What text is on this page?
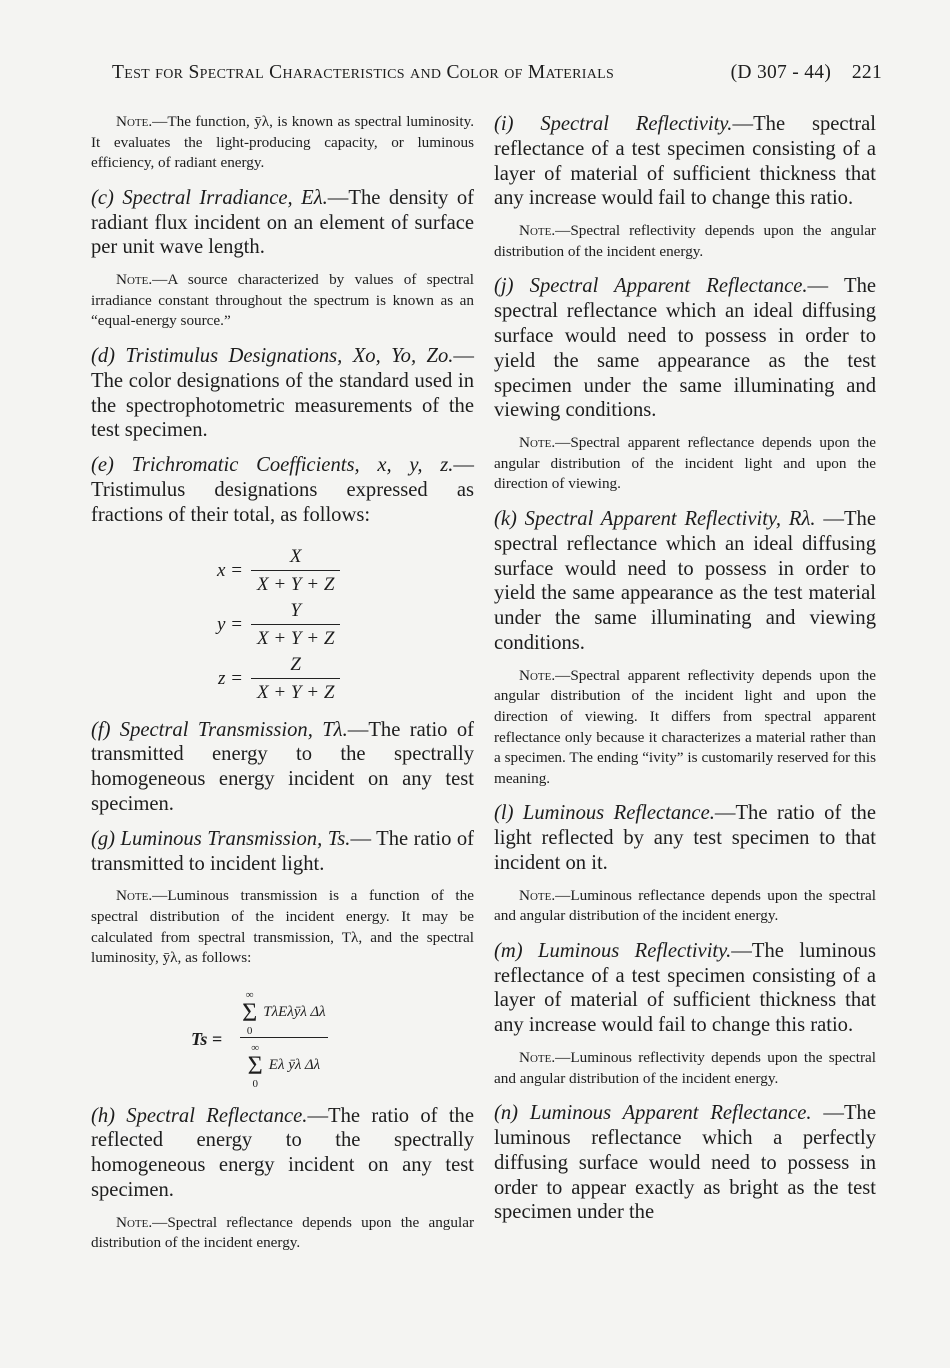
Test for Spectral Characteristics and Color of Materials	(D 307 - 44) 221

Note.—The function, ȳλ, is known as spectral luminosity. It evaluates the light-producing capacity, or luminous efficiency, of radiant energy.

(c) Spectral Irradiance, Eλ.—The density of radiant flux incident on an element of surface per unit wave length.

Note.—A source characterized by values of spectral irradiance constant throughout the spectrum is known as an “equal-energy source.”

(d) Tristimulus Designations, Xo, Yo, Zo.—The color designations of the standard used in the spectrophotometric measurements of the test specimen.

(e) Trichromatic Coefficients, x, y, z.— Tristimulus designations expressed as fractions of their total, as follows:

$x = \frac{X}{X + Y + Z}$
$y = \frac{Y}{X + Y + Z}$
$z = \frac{Z}{X + Y + Z}$

(f) Spectral Transmission, Tλ.—The ratio of transmitted energy to the spectrally homogeneous energy incident on any test specimen.

(g) Luminous Transmission, Ts.— The ratio of transmitted to incident light.

Note.—Luminous transmission is a function of the spectral distribution of the incident energy. It may be calculated from spectral transmission, Tλ, and the spectral luminosity, ȳλ, as follows:

Ts =
∞
Σ
0
TλEλȳλ Δλ
∞
Σ
0
Eλ ȳλ Δλ

(h) Spectral Reflectance.—The ratio of the reflected energy to the spectrally homogeneous energy incident on any test specimen.

Note.—Spectral reflectance depends upon the angular distribution of the incident energy.

(i) Spectral Reflectivity.—The spectral reflectance of a test specimen consisting of a layer of material of sufficient thickness that any increase would fail to change this ratio.

Note.—Spectral reflectivity depends upon the angular distribution of the incident energy.

(j) Spectral Apparent Reflectance.— The spectral reflectance which an ideal diffusing surface would need to possess in order to yield the same appearance as the test specimen under the same illuminating and viewing conditions.

Note.—Spectral apparent reflectance depends upon the angular distribution of the incident light and upon the direction of viewing.

(k) Spectral Apparent Reflectivity, Rλ. —The spectral reflectance which an ideal diffusing surface would need to possess in order to yield the same appearance as the test material under the same illuminating and viewing conditions.

Note.—Spectral apparent reflectivity depends upon the angular distribution of the incident light and upon the direction of viewing. It differs from spectral apparent reflectance only because it characterizes a material rather than a specimen. The ending “ivity” is customarily reserved for this meaning.

(l) Luminous Reflectance.—The ratio of the light reflected by any test specimen to that incident on it.

Note.—Luminous reflectance depends upon the spectral and angular distribution of the incident energy.

(m) Luminous Reflectivity.—The luminous reflectance of a test specimen consisting of a layer of material of sufficient thickness that any increase would fail to change this ratio.

Note.—Luminous reflectivity depends upon the spectral and angular distribution of the incident energy.

(n) Luminous Apparent Reflectance. —The luminous reflectance which a perfectly diffusing surface would need to possess in order to appear exactly as bright as the test specimen under the
